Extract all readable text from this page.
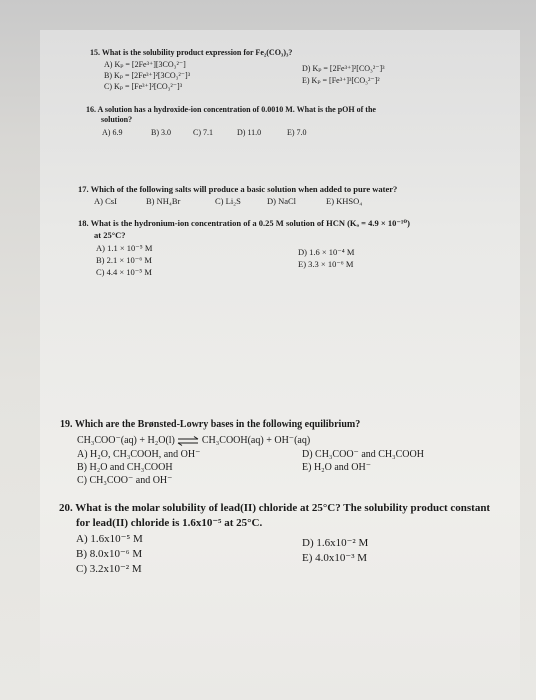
15. What is the solubility product expression for Fe₂(CO₃)₃?
A) Kₚ = [2Fe³⁺][3CO₃²⁻]
B) Kₚ = [2Fe³⁺]²[3CO₃²⁻]³
C) Kₚ = [Fe³⁺]²[CO₃²⁻]³
D) Kₚ = [2Fe³⁺]²[CO₃²⁻]³
E) Kₚ = [Fe³⁺]³[CO₃²⁻]²
16. A solution has a hydroxide-ion concentration of 0.0010 M. What is the pOH of the
solution?
A) 6.9	B) 3.0	C) 7.1	D) 11.0	E) 7.0
17. Which of the following salts will produce a basic solution when added to pure water?
A) CsI	B) NH₄Br	C) Li₂S	D) NaCl	E) KHSO₄
18. What is the hydronium-ion concentration of a 0.25 M solution of HCN (Kₐ = 4.9 × 10⁻¹⁰)
at 25°C?
A) 1.1 × 10⁻⁵ M
B) 2.1 × 10⁻⁶ M
C) 4.4 × 10⁻⁵ M
D) 1.6 × 10⁻⁴ M
E) 3.3 × 10⁻⁶ M
19. Which are the Brønsted-Lowry bases in the following equilibrium?
CH₃COO⁻(aq) + H₂O(l) ⇌ CH₃COOH(aq) + OH⁻(aq)
A) H₂O, CH₃COOH, and OH⁻
B) H₂O and CH₃COOH
C) CH₃COO⁻ and OH⁻
D) CH₃COO⁻ and CH₃COOH
E) H₂O and OH⁻
20. What is the molar solubility of lead(II) chloride at 25°C? The solubility product constant
for lead(II) chloride is 1.6x10⁻⁵ at 25°C.
A) 1.6x10⁻⁵ M
B) 8.0x10⁻⁶ M
C) 3.2x10⁻² M
D) 1.6x10⁻² M
E) 4.0x10⁻³ M
